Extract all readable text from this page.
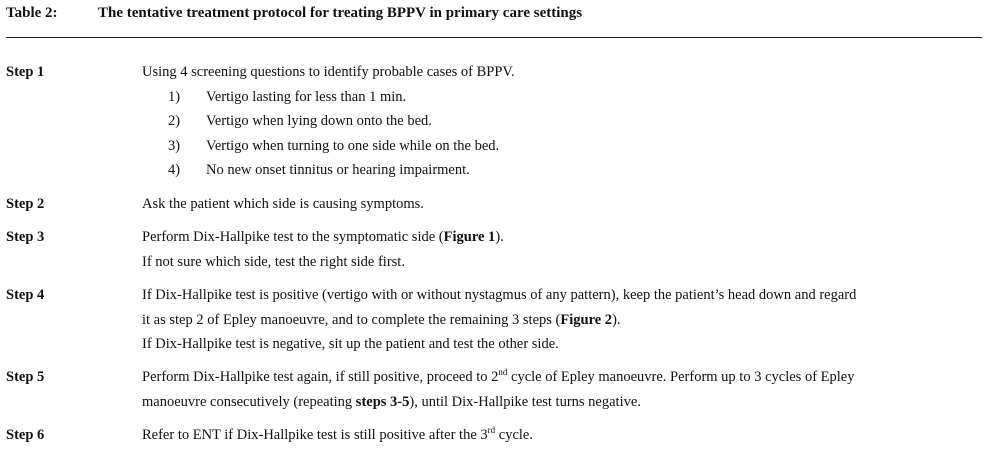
Table 2:	The tentative treatment protocol for treating BPPV in primary care settings
Step 1	Using 4 screening questions to identify probable cases of BPPV.
1) Vertigo lasting for less than 1 min.
2) Vertigo when lying down onto the bed.
3) Vertigo when turning to one side while on the bed.
4) No new onset tinnitus or hearing impairment.
Step 2	Ask the patient which side is causing symptoms.
Step 3	Perform Dix-Hallpike test to the symptomatic side (Figure 1).
If not sure which side, test the right side first.
Step 4	If Dix-Hallpike test is positive (vertigo with or without nystagmus of any pattern), keep the patient’s head down and regard
it as step 2 of Epley manoeuvre, and to complete the remaining 3 steps (Figure 2).
If Dix-Hallpike test is negative, sit up the patient and test the other side.
Step 5	Perform Dix-Hallpike test again, if still positive, proceed to 2nd cycle of Epley manoeuvre. Perform up to 3 cycles of Epley
manoeuvre consecutively (repeating steps 3-5), until Dix-Hallpike test turns negative.
Step 6	Refer to ENT if Dix-Hallpike test is still positive after the 3rd cycle.
